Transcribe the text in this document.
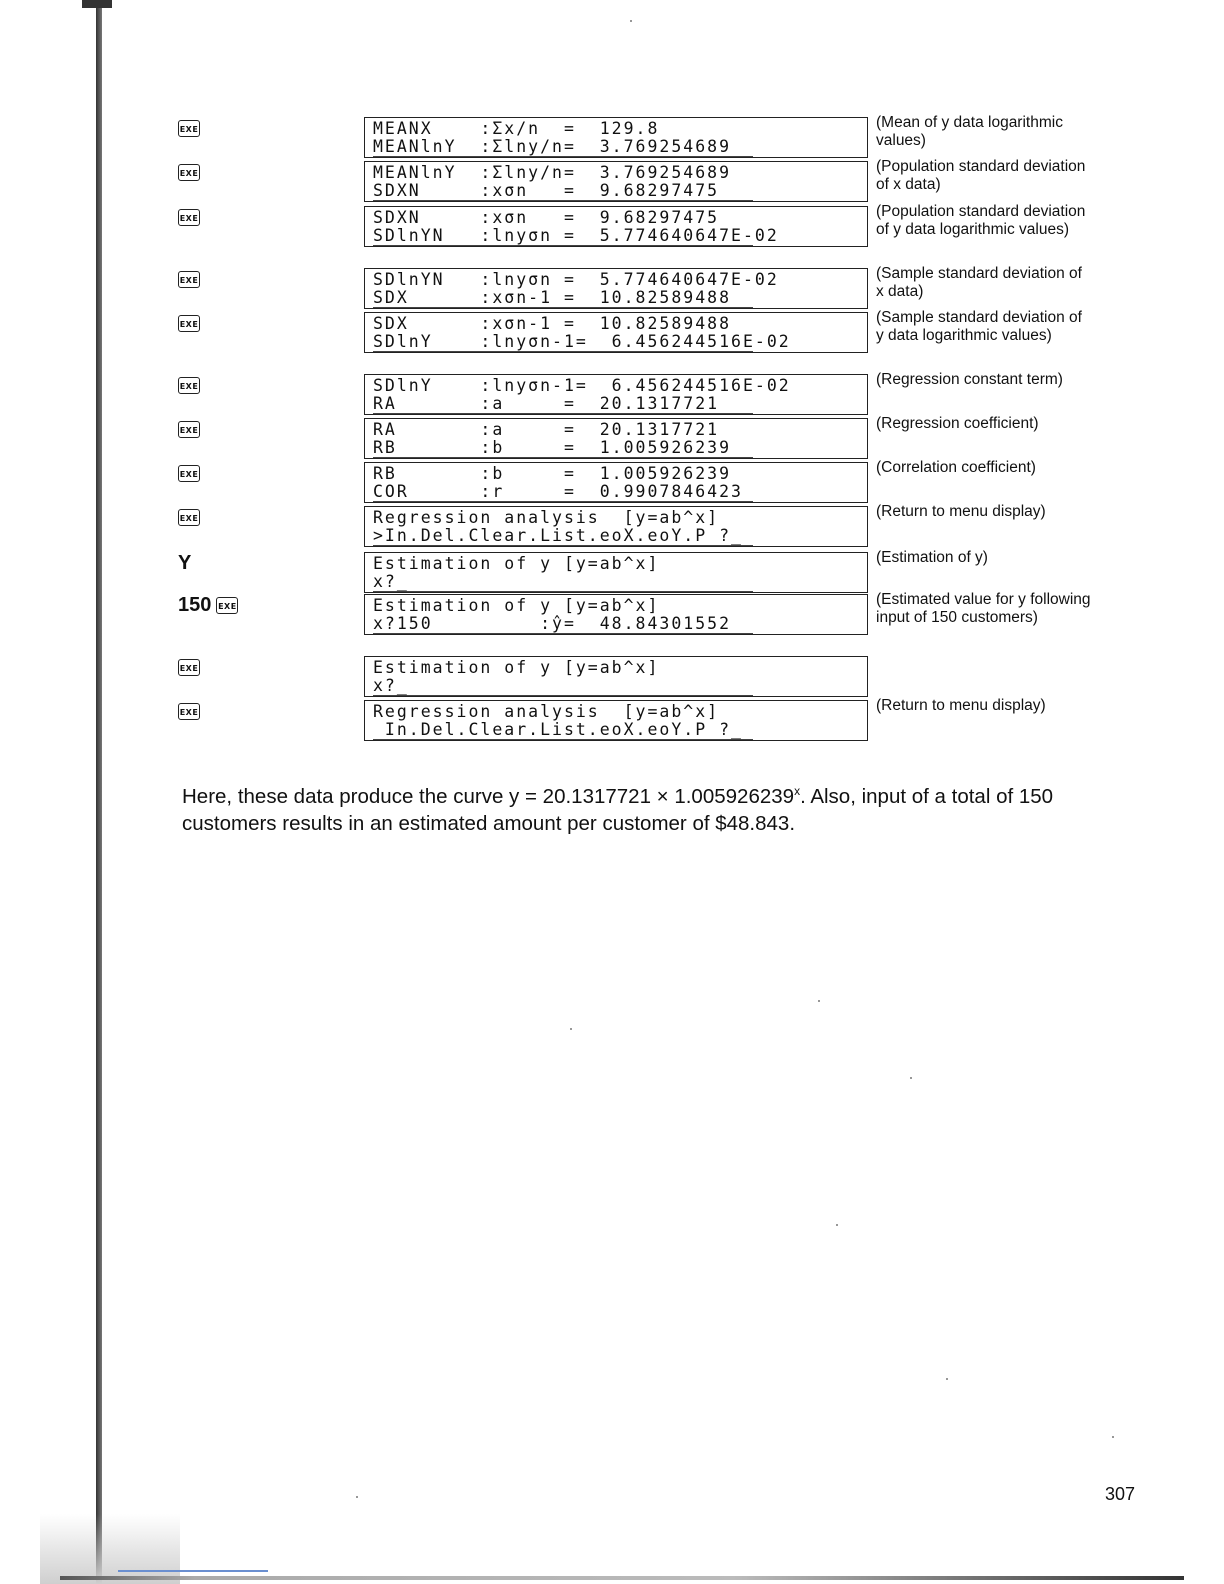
EXE	MEANX    :Σx/n  =  129.8
MEANlnY  :Σlny/n=  3.769254689
(Mean of y data logarithmic values)
EXE	MEANlnY  :Σlny/n=  3.769254689
SDXN     :xσn   =  9.68297475
(Population standard deviation of x data)
EXE	SDXN     :xσn   =  9.68297475
SDlnYN   :lnyσn =  5.774640647E-02
(Population standard deviation of y data logarithmic values)
EXE	SDlnYN   :lnyσn =  5.774640647E-02
SDX      :xσn-1 =  10.82589488
(Sample standard deviation of x data)
EXE	SDX      :xσn-1 =  10.82589488
SDlnY    :lnyσn-1=  6.456244516E-02
(Sample standard deviation of y data logarithmic values)
EXE	SDlnY    :lnyσn-1=  6.456244516E-02
RA       :a     =  20.1317721
(Regression constant term)
EXE	RA       :a     =  20.1317721
RB       :b     =  1.005926239
(Regression coefficient)
EXE	RB       :b     =  1.005926239
COR      :r     =  0.9907846423
(Correlation coefficient)
EXE	Regression analysis  [y=ab^x]
>In.Del.Clear.List.eoX.eoY.P ?_
(Return to menu display)
Y	Estimation of y [y=ab^x]
x?_
(Estimation of y)
150 EXE	Estimation of y [y=ab^x]
x?150         :ŷ=  48.84301552
(Estimated value for y following input of 150 customers)
EXE	Estimation of y [y=ab^x]
x?_
EXE	Regression analysis  [y=ab^x]
In.Del.Clear.List.eoX.eoY.P ?_
(Return to menu display)
Here, these data produce the curve $y = 20.1317721 \times 1.005926239^x$. Also, input of a total of 150 customers results in an estimated amount per customer of $48.843.
307
